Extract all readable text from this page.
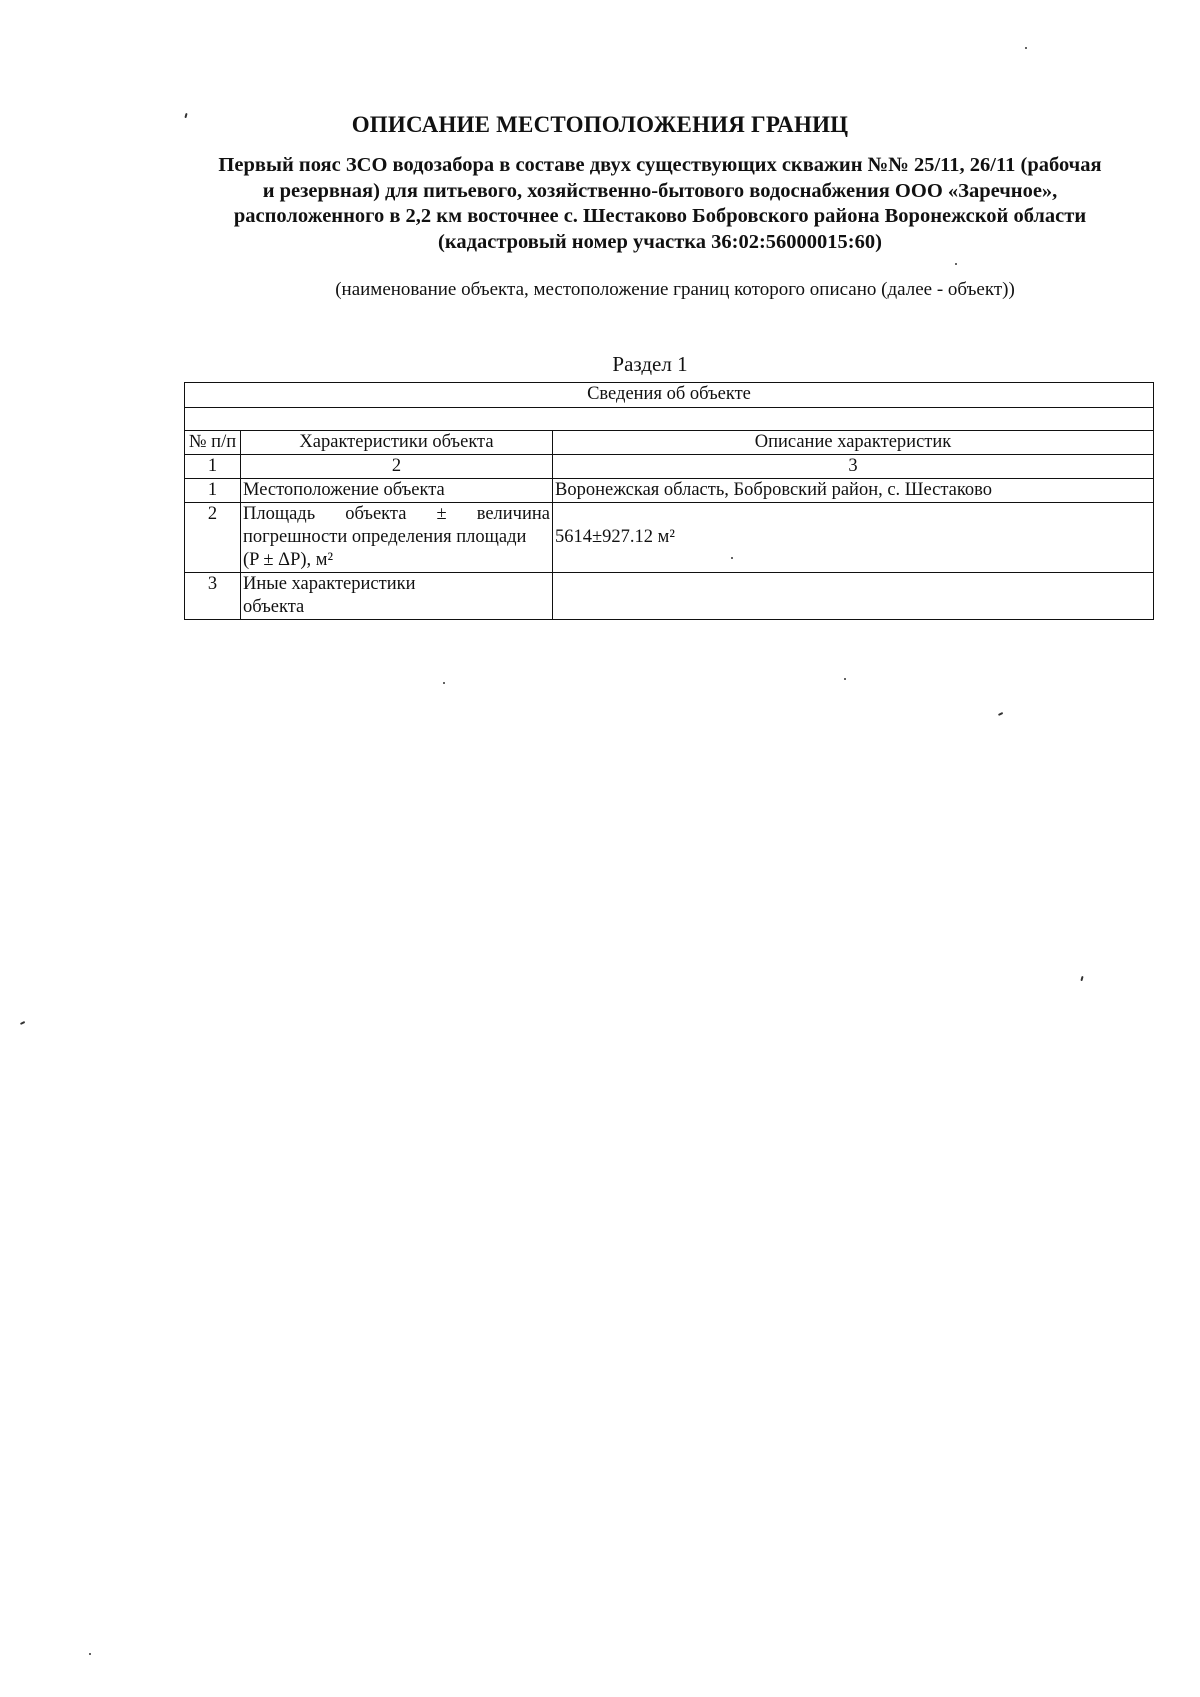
ОПИСАНИЕ МЕСТОПОЛОЖЕНИЯ ГРАНИЦ
Первый пояс ЗСО водозабора в составе двух существующих скважин №№ 25/11, 26/11 (рабочая
и резервная) для питьевого, хозяйственно-бытового водоснабжения ООО «Заречное»,
расположенного в 2,2 км восточнее с. Шестаково Бобровского района Воронежской области
(кадастровый номер участка 36:02:56000015:60)
(наименование объекта, местоположение границ которого описано (далее - объект))
Раздел 1
Сведения об объекте		

№ п/п	Характеристики объекта	Описание характеристик
1	2	3
1	Местоположение объекта	Воронежская область, Бобровский район, с. Шестаково
2	Площадь объекта ± величина
погрешности определения площади
(P ± ΔP), м²	5614±927.12 м²

3	Иные характеристики
объекта	
